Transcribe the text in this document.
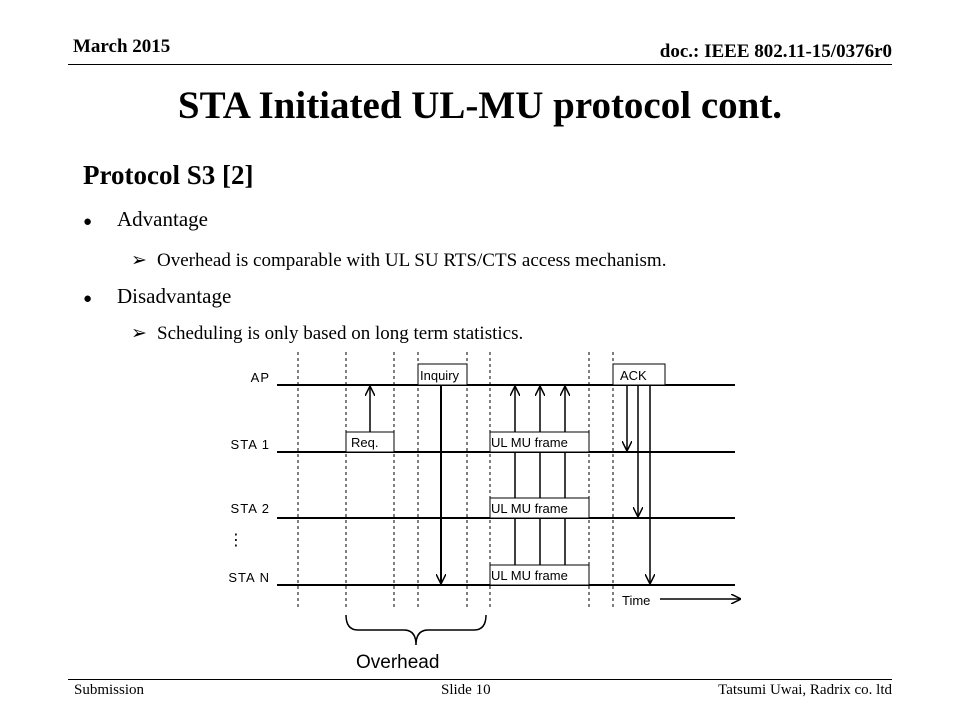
March 2015	doc.: IEEE 802.11-15/0376r0
STA Initiated UL-MU protocol cont.
Protocol S3 [2]
● Advantage
➢ Overhead is comparable with UL SU RTS/CTS access mechanism.
● Disadvantage
➢ Scheduling is only based on long term statistics.
AP
STA 1
STA 2
STA N
⋮
Req.
Inquiry
UL MU frame
UL MU frame
UL MU frame
ACK
Time
Overhead
Submission	Slide 10	Tatsumi Uwai, Radrix co. ltd
